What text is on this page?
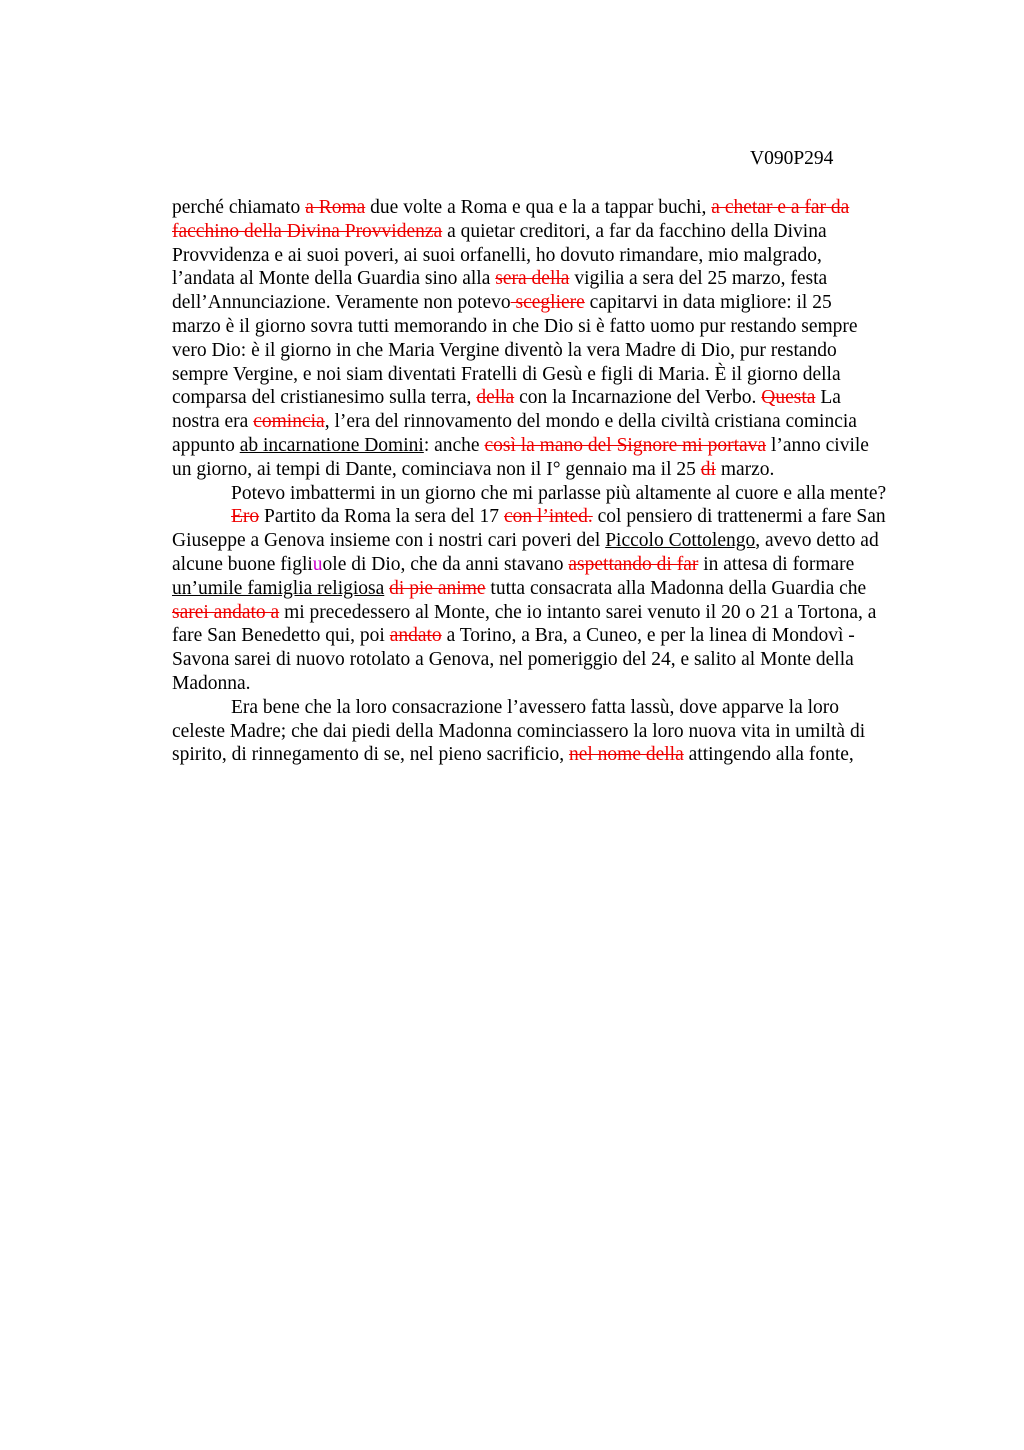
V090P294
perché chiamato a Roma due volte a Roma e qua e la a tappar buchi, a chetar e a far da
facchino della Divina Provvidenza a quietar creditori, a far da facchino della Divina
Provvidenza e ai suoi poveri, ai suoi orfanelli, ho dovuto rimandare, mio malgrado,
l’andata al Monte della Guardia sino alla sera della vigilia a sera del 25 marzo, festa
dell’Annunciazione. Veramente non potevo scegliere capitarvi in data migliore: il 25
marzo è il giorno sovra tutti memorando in che Dio si è fatto uomo pur restando sempre
vero Dio: è il giorno in che Maria Vergine diventò la vera Madre di Dio, pur restando
sempre Vergine, e noi siam diventati Fratelli di Gesù e figli di Maria. È il giorno della
comparsa del cristianesimo sulla terra, della con la Incarnazione del Verbo. Questa La
nostra era comincia, l’era del rinnovamento del mondo e della civiltà cristiana comincia
appunto ab incarnatione Domini: anche così la mano del Signore mi portava l’anno civile
un giorno, ai tempi di Dante, cominciava non il I° gennaio ma il 25 di marzo.
Potevo imbattermi in un giorno che mi parlasse più altamente al cuore e alla mente?
Ero Partito da Roma la sera del 17 con l’inted. col pensiero di trattenermi a fare San
Giuseppe a Genova insieme con i nostri cari poveri del Piccolo Cottolengo, avevo detto ad
alcune buone figliuole di Dio, che da anni stavano aspettando di far in attesa di formare
un’umile famiglia religiosa di pie anime tutta consacrata alla Madonna della Guardia che
sarei andato a mi precedessero al Monte, che io intanto sarei venuto il 20 o 21 a Tortona, a
fare San Benedetto qui, poi andato a Torino, a Bra, a Cuneo, e per la linea di Mondovì -
Savona sarei di nuovo rotolato a Genova, nel pomeriggio del 24, e salito al Monte della
Madonna.
Era bene che la loro consacrazione l’avessero fatta lassù, dove apparve la loro
celeste Madre; che dai piedi della Madonna cominciassero la loro nuova vita in umiltà di
spirito, di rinnegamento di se, nel pieno sacrificio, nel nome della attingendo alla fonte,
